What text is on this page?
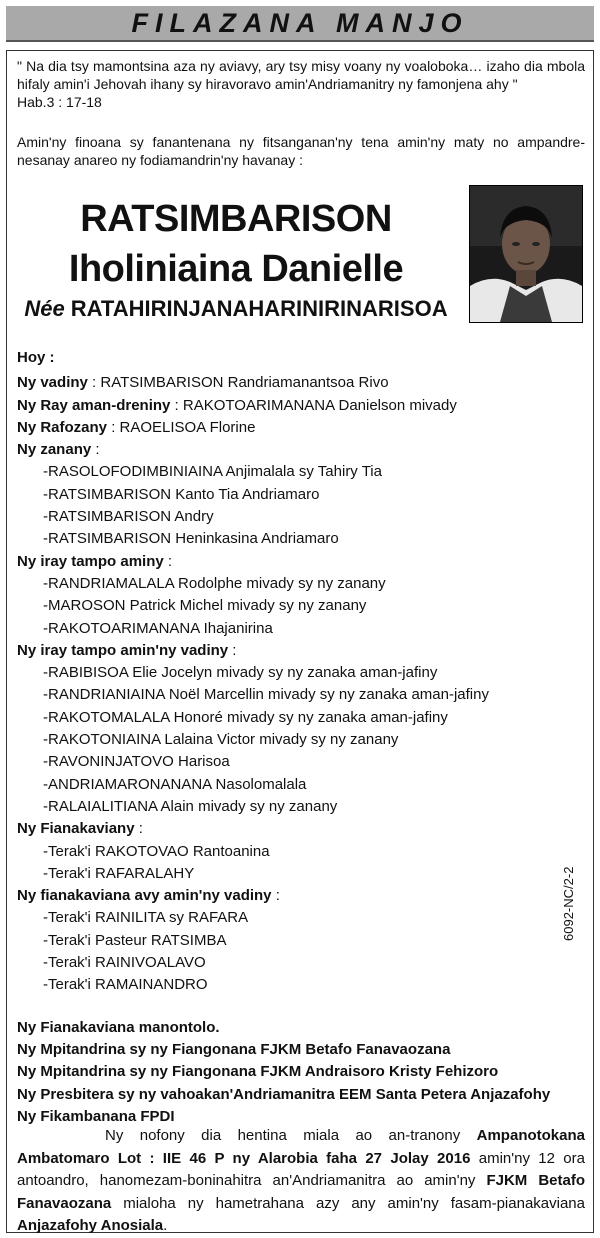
FILAZANA MANJO
" Na dia tsy mamontsina aza ny aviavy, ary tsy misy voany ny voaloboka… izaho dia mbola hifaly amin'i Jehovah ihany sy hiravoravo amin'Andriamanitry ny famonjena ahy "
Hab.3 : 17-18
Amin'ny finoana sy fanantenana ny fitsanganan'ny tena amin'ny maty no ampandre-nesanay anareo ny fodiamandrin'ny havanay :
RATSIMBARISON
Iholiniaina Danielle
Née RATAHIRINJANAHARINIRINARISOA
Hoy :
Ny vadiny : RATSIMBARISON Randriamanantsoa Rivo
Ny Ray aman-dreniny : RAKOTOARIMANANA Danielson mivady
Ny Rafozany : RAOELISOA Florine
Ny zanany :
-RASOLOFODIMBINIAINA Anjimalala sy Tahiry Tia
-RATSIMBARISON Kanto Tia Andriamaro
-RATSIMBARISON Andry
-RATSIMBARISON Heninkasina Andriamaro
Ny iray tampo aminy :
-RANDRIAMALALA Rodolphe mivady sy ny zanany
-MAROSON Patrick Michel mivady sy ny zanany
-RAKOTOARIMANANA Ihajanirina
Ny iray tampo amin'ny vadiny :
-RABIBISOA Elie Jocelyn mivady sy ny zanaka aman-jafiny
-RANDRIANIAINA Noël Marcellin mivady sy ny zanaka aman-jafiny
-RAKOTOMALALA Honoré mivady sy ny zanaka aman-jafiny
-RAKOTONIAINA Lalaina Victor mivady sy ny zanany
-RAVONINJATOVO Harisoa
-ANDRIAMARONANANA Nasolomalala
-RALAIALITIANA Alain mivady sy ny zanany
Ny Fianakaviany :
-Terak'i RAKOTOVAO Rantoanina
-Terak'i RAFARALAHY
Ny fianakaviana avy amin'ny vadiny :
-Terak'i RAINILITA sy RAFARA
-Terak'i Pasteur RATSIMBA
-Terak'i RAINIVOALAVO
-Terak'i RAMAINANDRO
Ny Fianakaviana manontolo.
Ny Mpitandrina sy ny Fiangonana FJKM Betafo Fanavaozana
Ny Mpitandrina sy ny Fiangonana FJKM Andraisoro Kristy Fehizoro
Ny Presbitera sy ny vahoakan'Andriamanitra EEM Santa Petera Anjazafohy
Ny Fikambanana FPDI

Ny nofony dia hentina miala ao an-tranony Ampanotokana Ambatomaro Lot : IIE 46 P ny Alarobia faha 27 Jolay 2016 amin'ny 12 ora antoandro, hanomezam-boninahitra an'Andriamanitra ao amin'ny FJKM Betafo Fanavaozana mialoha ny hametrahana azy any amin'ny fasam-pianakaviana Anjazafohy Anosiala.

6092-NC/2-2
